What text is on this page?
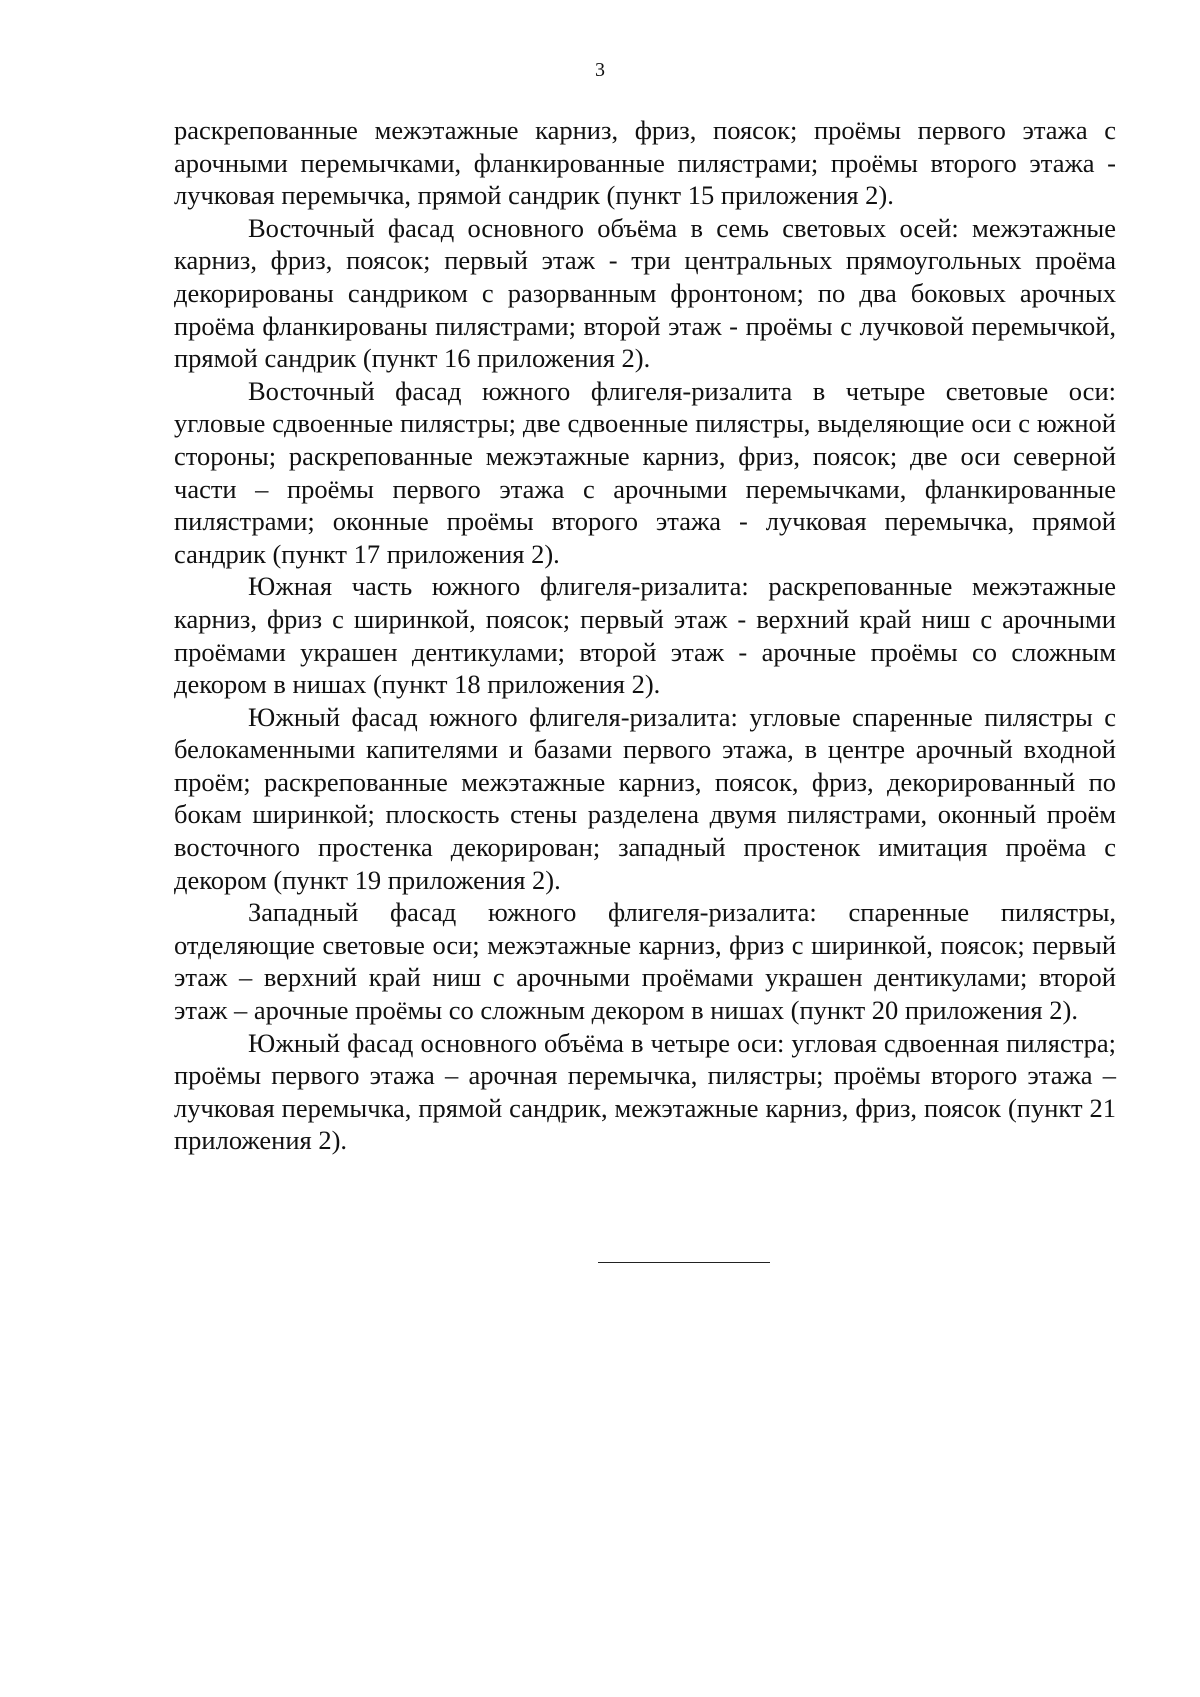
3

раскрепованные межэтажные карниз, фриз, поясок; проёмы первого этажа с арочными перемычками, фланкированные пилястрами; проёмы второго этажа - лучковая перемычка, прямой сандрик (пункт 15 приложения 2).

Восточный фасад основного объёма в семь световых осей: межэтажные карниз, фриз, поясок; первый этаж - три центральных прямоугольных проёма декорированы сандриком с разорванным фронтоном; по два боковых арочных проёма фланкированы пилястрами; второй этаж - проёмы с лучковой перемычкой, прямой сандрик (пункт 16 приложения 2).

Восточный фасад южного флигеля-ризалита в четыре световые оси: угловые сдвоенные пилястры; две сдвоенные пилястры, выделяющие оси с южной стороны; раскрепованные межэтажные карниз, фриз, поясок; две оси северной части – проёмы первого этажа с арочными перемычками, фланкированные пилястрами; оконные проёмы второго этажа - лучковая перемычка, прямой сандрик (пункт 17 приложения 2).

Южная часть южного флигеля-ризалита: раскрепованные межэтажные карниз, фриз с ширинкой, поясок; первый этаж - верхний край ниш с арочными проёмами украшен дентикулами; второй этаж - арочные проёмы со сложным декором в нишах (пункт 18 приложения 2).

Южный фасад южного флигеля-ризалита: угловые спаренные пилястры с белокаменными капителями и базами первого этажа, в центре арочный входной проём; раскрепованные межэтажные карниз, поясок, фриз, декорированный по бокам ширинкой; плоскость стены разделена двумя пилястрами, оконный проём восточного простенка декорирован; западный простенок имитация проёма с декором (пункт 19 приложения 2).

Западный фасад южного флигеля-ризалита: спаренные пилястры, отделяющие световые оси; межэтажные карниз, фриз с ширинкой, поясок; первый этаж – верхний край ниш с арочными проёмами украшен дентикулами; второй этаж – арочные проёмы со сложным декором в нишах (пункт 20 приложения 2).

Южный фасад основного объёма в четыре оси: угловая сдвоенная пилястра; проёмы первого этажа – арочная перемычка, пилястры; проёмы второго этажа – лучковая перемычка, прямой сандрик, межэтажные карниз, фриз, поясок (пункт 21 приложения 2).
